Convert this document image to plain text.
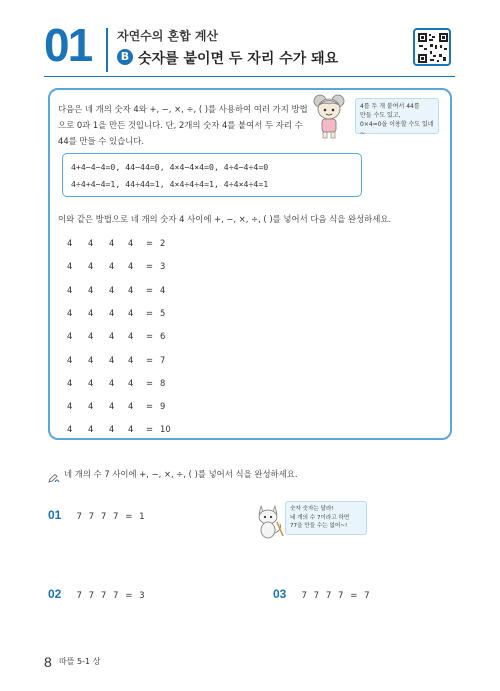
01 자연수의 혼합 계산
B 숫자를 붙이면 두 자리 수가 돼요
다음은 네 개의 숫자 4와 +, −, ×, ÷, ( )를 사용하여 여러 가지 방법으로 0과 1을 만든 것입니다. 단, 2개의 숫자 4를 붙여서 두 자리 수 44를 만들 수 있습니다.
4를 두 개 붙여서 44를
만들 수도 있고,
0×4=0을 이용할 수도 있네~
4+4−4−4=0, 44−44=0, 4×4−4×4=0, 4÷4−4÷4=0
4÷4+4−4=1, 44÷44=1, 4×4÷4÷4=1, 4÷4×4÷4=1
이와 같은 방법으로 네 개의 숫자 4 사이에 +, −, ×, ÷, ( )를 넣어서 다음 식을 완성하세요.
4 4 4 4 = 2
4 4 4 4 = 3
4 4 4 4 = 4
4 4 4 4 = 5
4 4 4 4 = 6
4 4 4 4 = 7
4 4 4 4 = 8
4 4 4 4 = 9
4 4 4 4 = 10
네 개의 수 7 사이에 +, −, ×, ÷, ( )를 넣어서 식을 완성하세요.
01 7 7 7 7 = 1
숫자 숫자는 달라!
네 개의 수 7이라고 하면
77을 만들 수는 없어~!
02 7 7 7 7 = 3	03 7 7 7 7 = 7
8 따뜰 5-1 상
